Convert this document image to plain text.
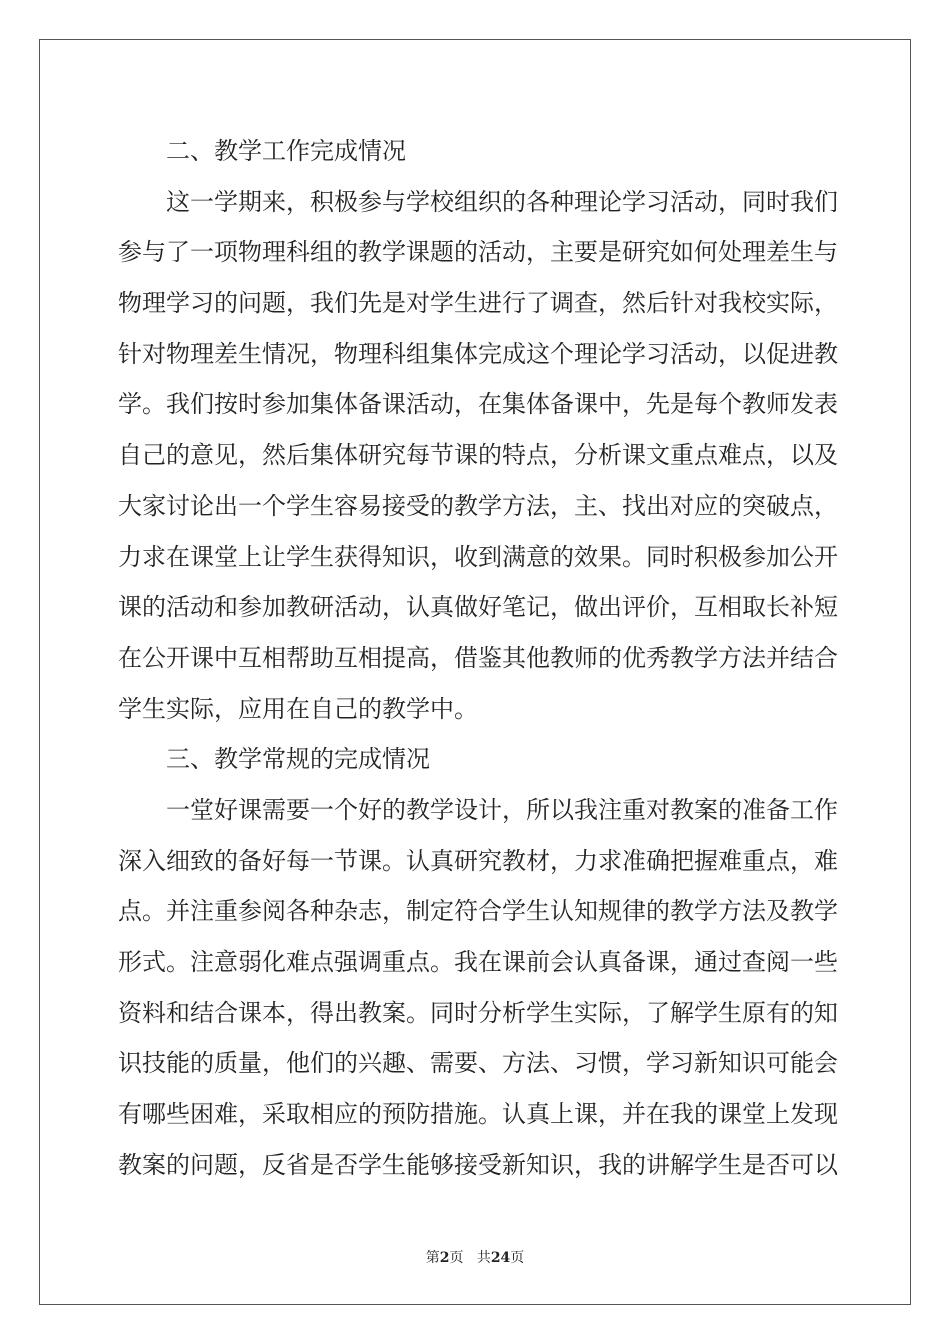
二、教学工作完成情况
这 一 学 期 来 ， 积 极 参 与 学 校 组 织 的 各 种 理 论 学 习 活 动 ， 同 时 我 们
参 与 了 一 项 物 理 科 组 的 教 学 课 题 的 活 动 ， 主 要 是 研 究 如 何 处 理 差 生 与
物 理 学 习 的 问 题 ， 我 们 先 是 对 学 生 进 行 了 调 查 ， 然 后 针 对 我 校 实 际 ，
针 对 物 理 差 生 情 况 ， 物 理 科 组 集 体 完 成 这 个 理 论 学 习 活 动 ， 以 促 进 教
学 。 我 们 按 时 参 加 集 体 备 课 活 动 ， 在 集 体 备 课 中 ， 先 是 每 个 教 师 发 表
自 己 的 意 见 ， 然 后 集 体 研 究 每 节 课 的 特 点 ， 分 析 课 文 重 点 难 点 ， 以 及
大 家 讨 论 出 一 个 学 生 容 易 接 受 的 教 学 方 法 ， 主 、 找 出 对 应 的 突 破 点 ，
力 求 在 课 堂 上 让 学 生 获 得 知 识 ， 收 到 满 意 的 效 果 。 同 时 积 极 参 加 公 开
课 的 活 动 和 参 加 教 研 活 动 ， 认 真 做 好 笔 记 ， 做 出 评 价 ， 互 相 取 长 补 短
在 公 开 课 中 互 相 帮 助 互 相 提 高 ， 借 鉴 其 他 教 师 的 优 秀 教 学 方 法 并 结 合
学生实际，应用在自己的教学中。
三、教学常规的完成情况
一 堂 好 课 需 要 一 个 好 的 教 学 设 计 ， 所 以 我 注 重 对 教 案 的 准 备 工 作
深 入 细 致 的 备 好 每 一 节 课 。 认 真 研 究 教 材 ， 力 求 准 确 把 握 难 重 点 ， 难
点 。 并 注 重 参 阅 各 种 杂 志 ， 制 定 符 合 学 生 认 知 规 律 的 教 学 方 法 及 教 学
形 式 。 注 意 弱 化 难 点 强 调 重 点 。 我 在 课 前 会 认 真 备 课 ， 通 过 查 阅 一 些
资 料 和 结 合 课 本 ， 得 出 教 案 。 同 时 分 析 学 生 实 际 ， 了 解 学 生 原 有 的 知
识 技 能 的 质 量 ， 他 们 的 兴 趣 、 需 要 、 方 法 、 习 惯 ， 学 习 新 知 识 可 能 会
有 哪 些 困 难 ， 采 取 相 应 的 预 防 措 施 。 认 真 上 课 ， 并 在 我 的 课 堂 上 发 现
教 案 的 问 题 ， 反 省 是 否 学 生 能 够 接 受 新 知 识 ， 我 的 讲 解 学 生 是 否 可 以
第2页 共24页
